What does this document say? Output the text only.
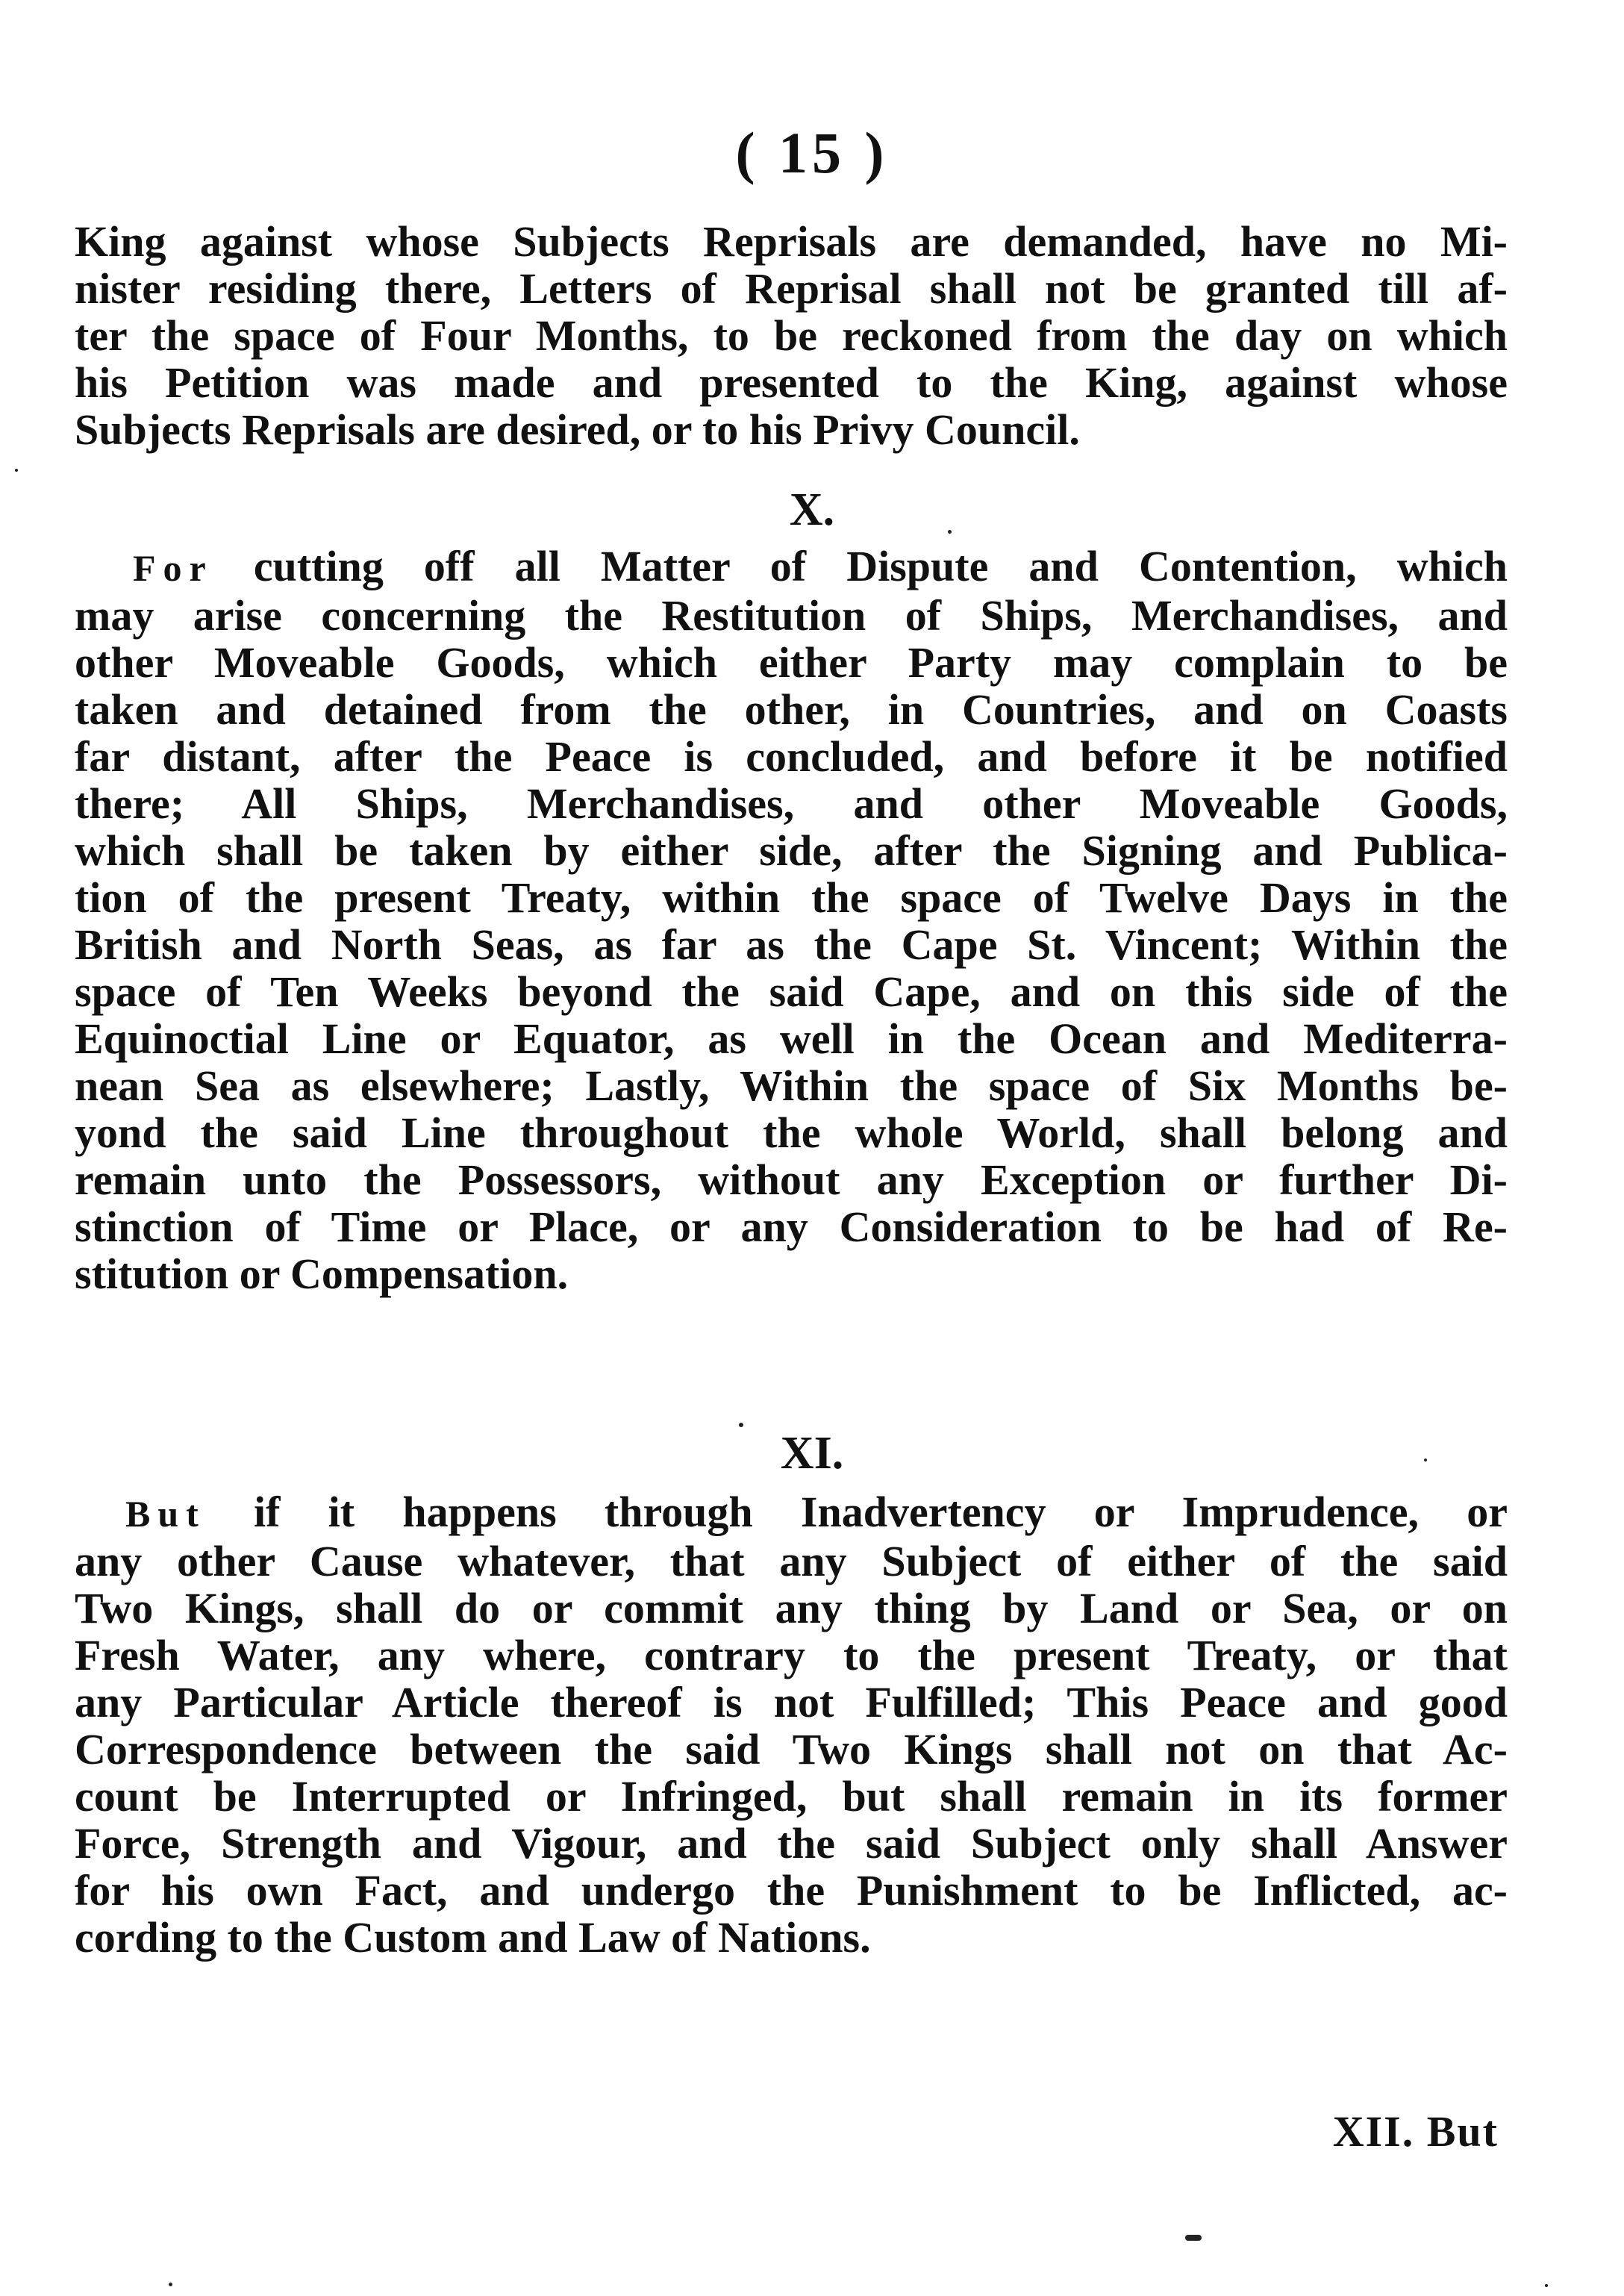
( 15 )
King against whose Subjects Reprisals are demanded, have no Mi-
nister residing there, Letters of Reprisal shall not be granted till af-
ter the space of Four Months, to be reckoned from the day on which
his Petition was made and presented to the King, against whose
Subjects Reprisals are desired, or to his Privy Council.
X.
For cutting off all Matter of Dispute and Contention, which
may arise concerning the Restitution of Ships, Merchandises, and
other Moveable Goods, which either Party may complain to be
taken and detained from the other, in Countries, and on Coasts
far distant, after the Peace is concluded, and before it be notified
there; All Ships, Merchandises, and other Moveable Goods,
which shall be taken by either side, after the Signing and Publica-
tion of the present Treaty, within the space of Twelve Days in the
British and North Seas, as far as the Cape St. Vincent; Within the
space of Ten Weeks beyond the said Cape, and on this side of the
Equinoctial Line or Equator, as well in the Ocean and Mediterra-
nean Sea as elsewhere; Lastly, Within the space of Six Months be-
yond the said Line throughout the whole World, shall belong and
remain unto the Possessors, without any Exception or further Di-
stinction of Time or Place, or any Consideration to be had of Re-
stitution or Compensation.
XI.
But if it happens through Inadvertency or Imprudence, or
any other Cause whatever, that any Subject of either of the said
Two Kings, shall do or commit any thing by Land or Sea, or on
Fresh Water, any where, contrary to the present Treaty, or that
any Particular Article thereof is not Fulfilled; This Peace and good
Correspondence between the said Two Kings shall not on that Ac-
count be Interrupted or Infringed, but shall remain in its former
Force, Strength and Vigour, and the said Subject only shall Answer
for his own Fact, and undergo the Punishment to be Inflicted, ac-
cording to the Custom and Law of Nations.
XII. But
